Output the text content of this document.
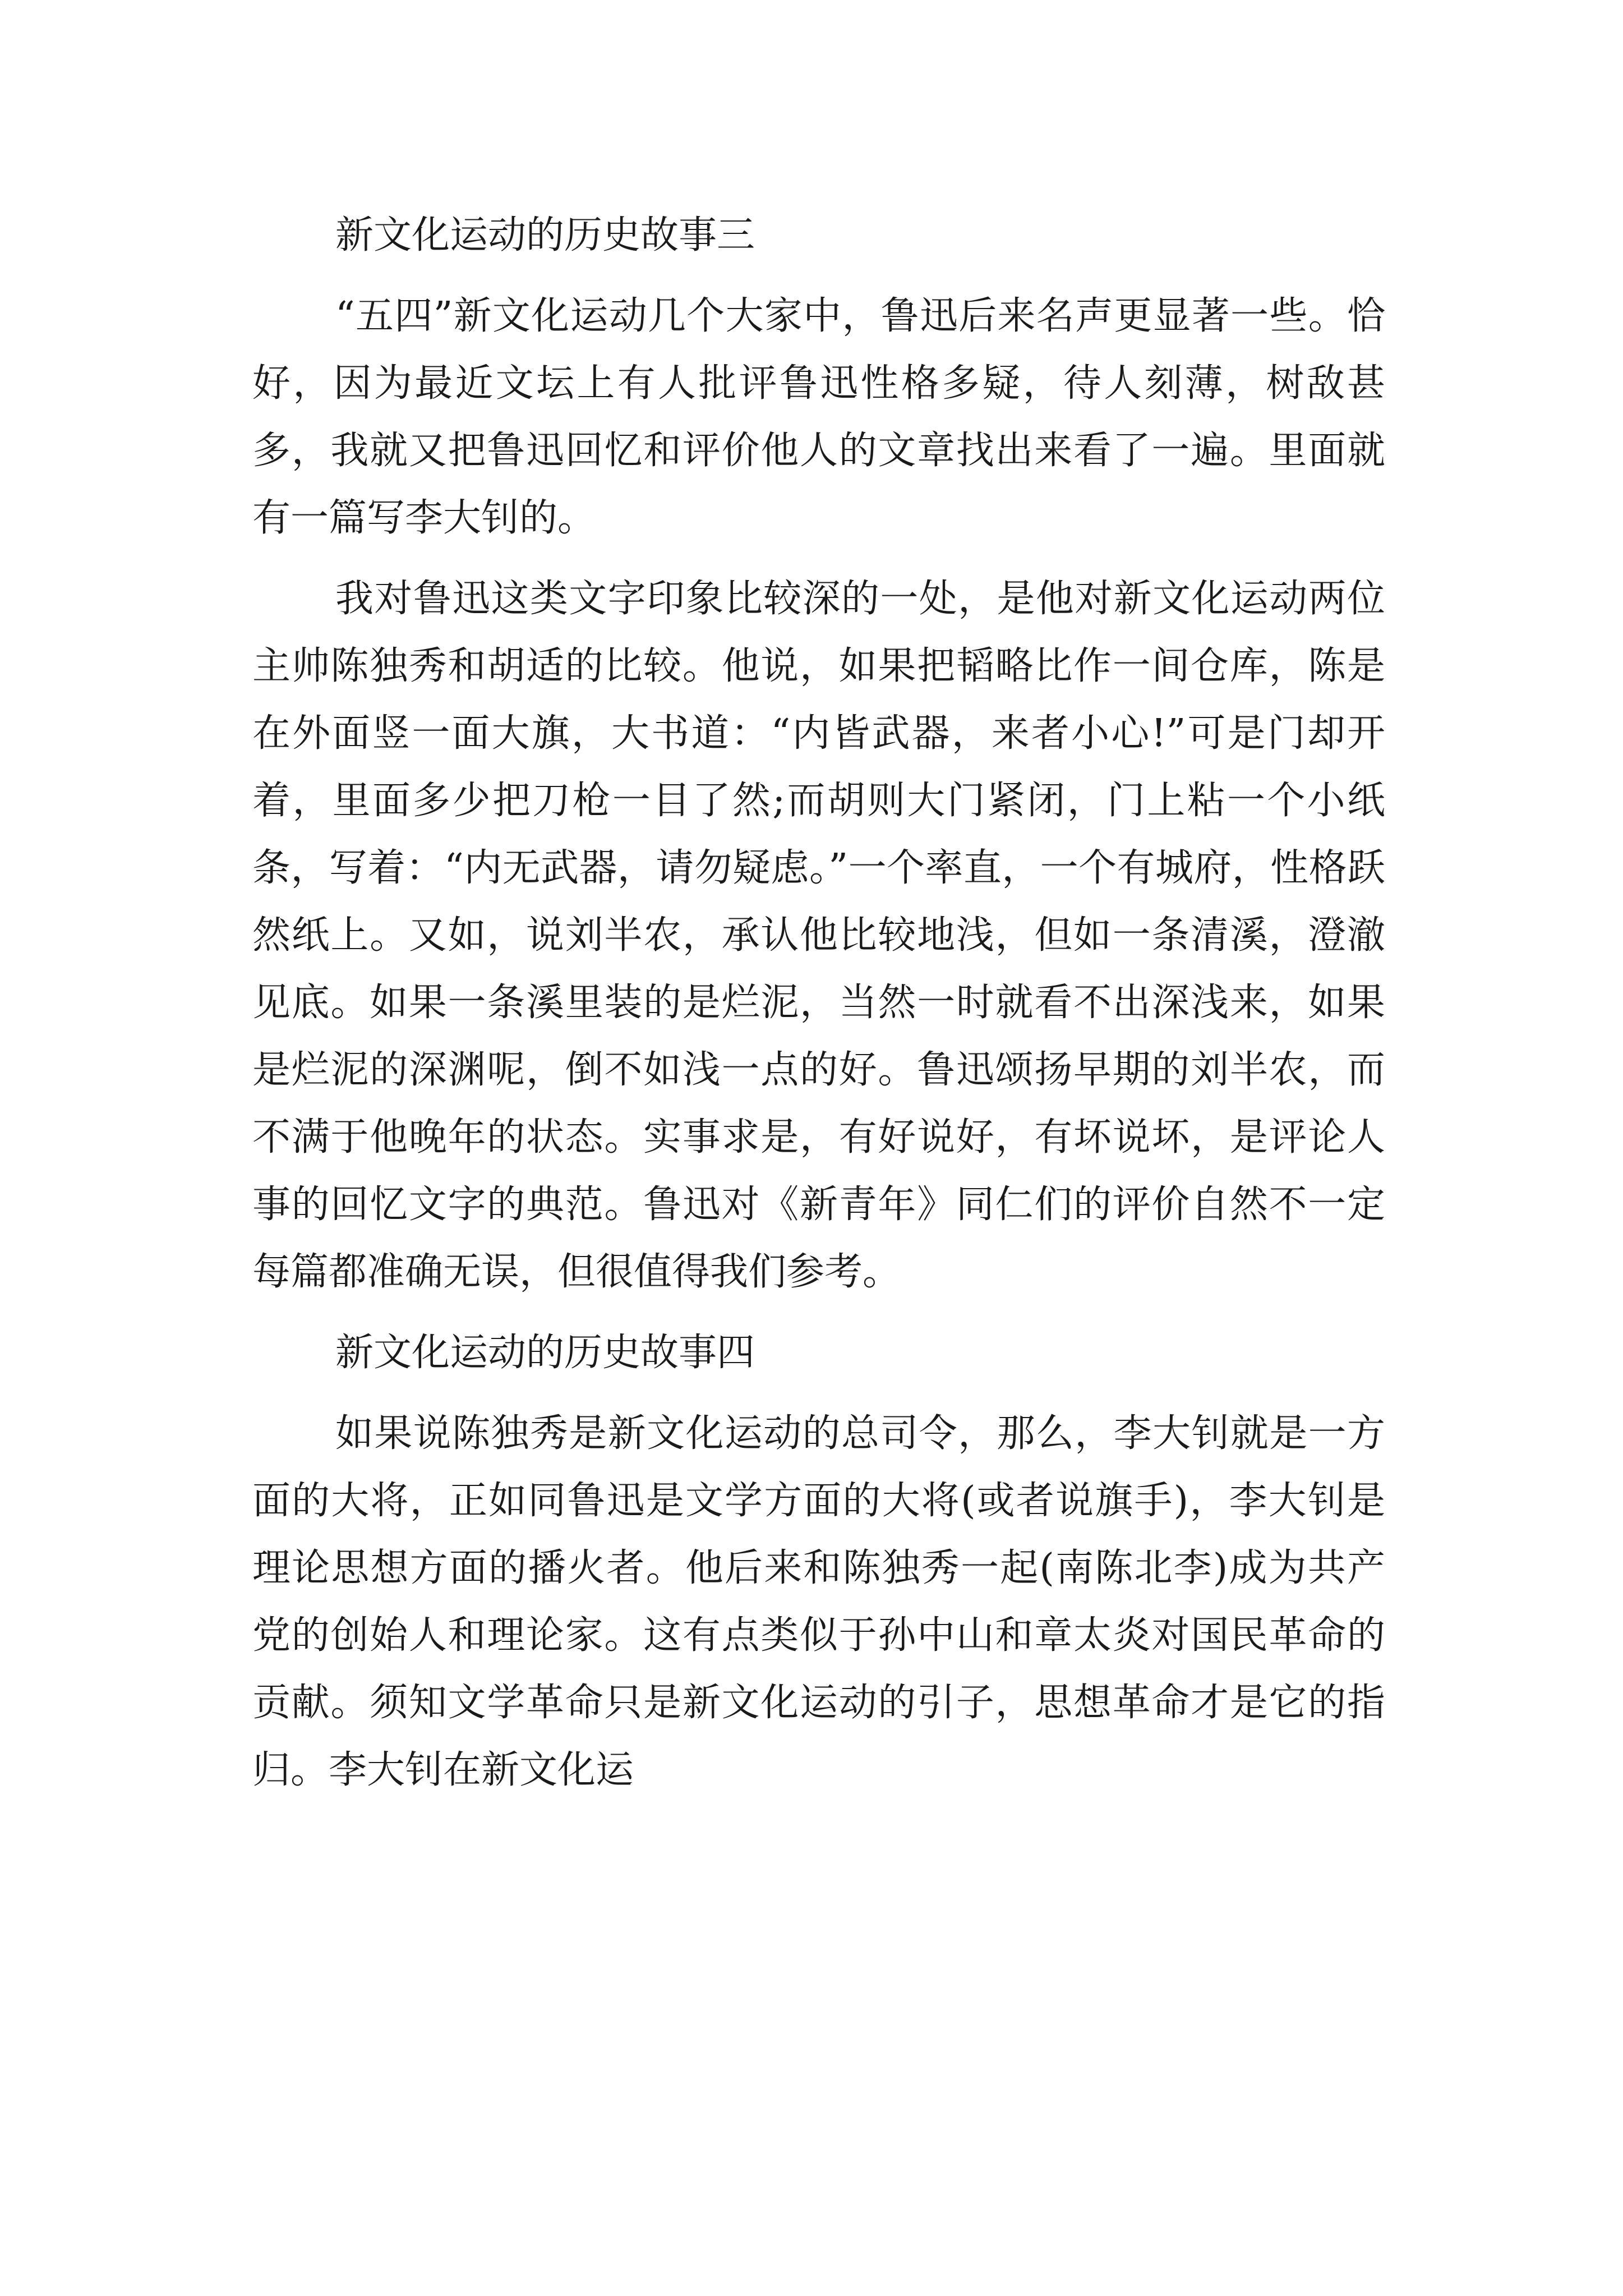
新文化运动的历史故事三

“五四”新文化运动几个大家中，鲁迅后来名声更显著一些。恰好，因为最近文坛上有人批评鲁迅性格多疑，待人刻薄，树敌甚多，我就又把鲁迅回忆和评价他人的文章找出来看了一遍。里面就有一篇写李大钊的。

我对鲁迅这类文字印象比较深的一处，是他对新文化运动两位主帅陈独秀和胡适的比较。他说，如果把韬略比作一间仓库，陈是在外面竖一面大旗，大书道：“内皆武器，来者小心!”可是门却开着，里面多少把刀枪一目了然;而胡则大门紧闭，门上粘一个小纸条，写着：“内无武器，请勿疑虑。”一个率直，一个有城府，性格跃然纸上。又如，说刘半农，承认他比较地浅，但如一条清溪，澄澈见底。如果一条溪里装的是烂泥，当然一时就看不出深浅来，如果是烂泥的深渊呢，倒不如浅一点的好。鲁迅颂扬早期的刘半农，而不满于他晚年的状态。实事求是，有好说好，有坏说坏，是评论人事的回忆文字的典范。鲁迅对《新青年》同仁们的评价自然不一定每篇都准确无误，但很值得我们参考。

新文化运动的历史故事四

如果说陈独秀是新文化运动的总司令，那么，李大钊就是一方面的大将，正如同鲁迅是文学方面的大将(或者说旗手)，李大钊是理论思想方面的播火者。他后来和陈独秀一起(南陈北李)成为共产党的创始人和理论家。这有点类似于孙中山和章太炎对国民革命的贡献。须知文学革命只是新文化运动的引子，思想革命才是它的指归。李大钊在新文化运
